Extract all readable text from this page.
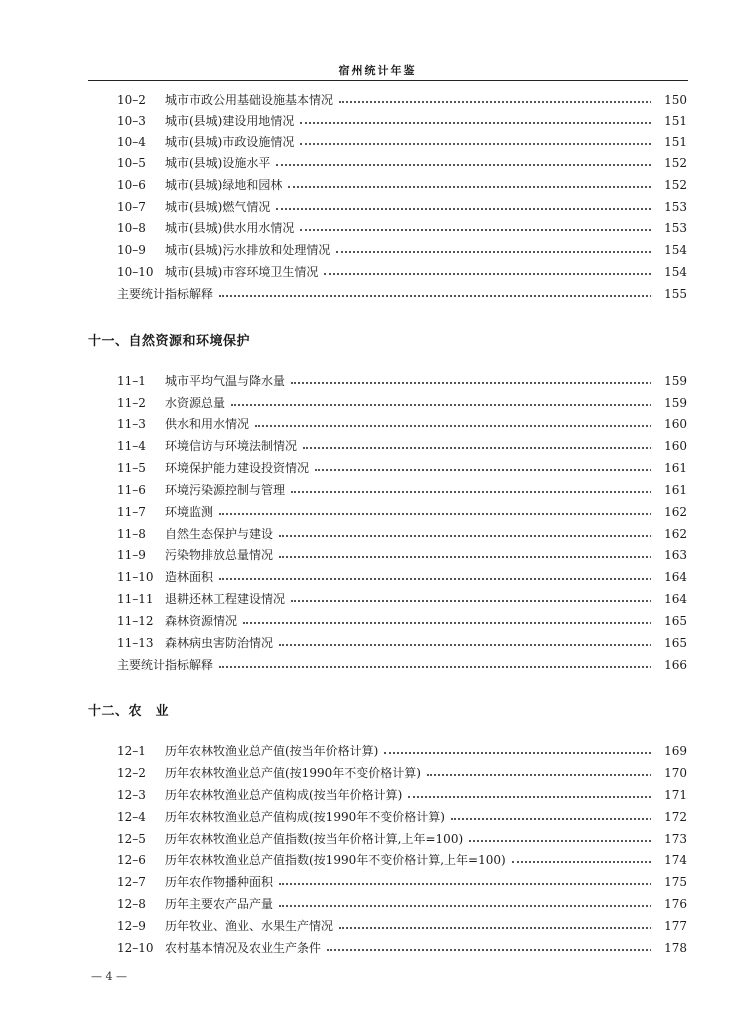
宿州统计年鉴
10–2	城市市政公用基础设施基本情况	150
10–3	城市(县城)建设用地情况	151
10–4	城市(县城)市政设施情况	151
10–5	城市(县城)设施水平	152
10–6	城市(县城)绿地和园林	152
10–7	城市(县城)燃气情况	153
10–8	城市(县城)供水用水情况	153
10–9	城市(县城)污水排放和处理情况	154
10–10 城市(县城)市容环境卫生情况	154
主要统计指标解释	155
十一、自然资源和环境保护
11–1	城市平均气温与降水量	159
11–2	水资源总量	159
11–3	供水和用水情况	160
11–4	环境信访与环境法制情况	160
11–5	环境保护能力建设投资情况	161
11–6	环境污染源控制与管理	161
11–7	环境监测	162
11–8	自然生态保护与建设	162
11–9	污染物排放总量情况	163
11–10 造林面积	164
11–11 退耕还林工程建设情况	164
11–12 森林资源情况	165
11–13 森林病虫害防治情况	165
主要统计指标解释	166
十二、农　业
12–1	历年农林牧渔业总产值(按当年价格计算)	169
12–2	历年农林牧渔业总产值(按1990年不变价格计算)	170
12–3	历年农林牧渔业总产值构成(按当年价格计算)	171
12–4	历年农林牧渔业总产值构成(按1990年不变价格计算)	172
12–5	历年农林牧渔业总产值指数(按当年价格计算,上年=100)	173
12–6	历年农林牧渔业总产值指数(按1990年不变价格计算,上年=100)	174
12–7	历年农作物播种面积	175
12–8	历年主要农产品产量	176
12–9	历年牧业、渔业、水果生产情况	177
12–10 农村基本情况及农业生产条件	178
— 4 —
